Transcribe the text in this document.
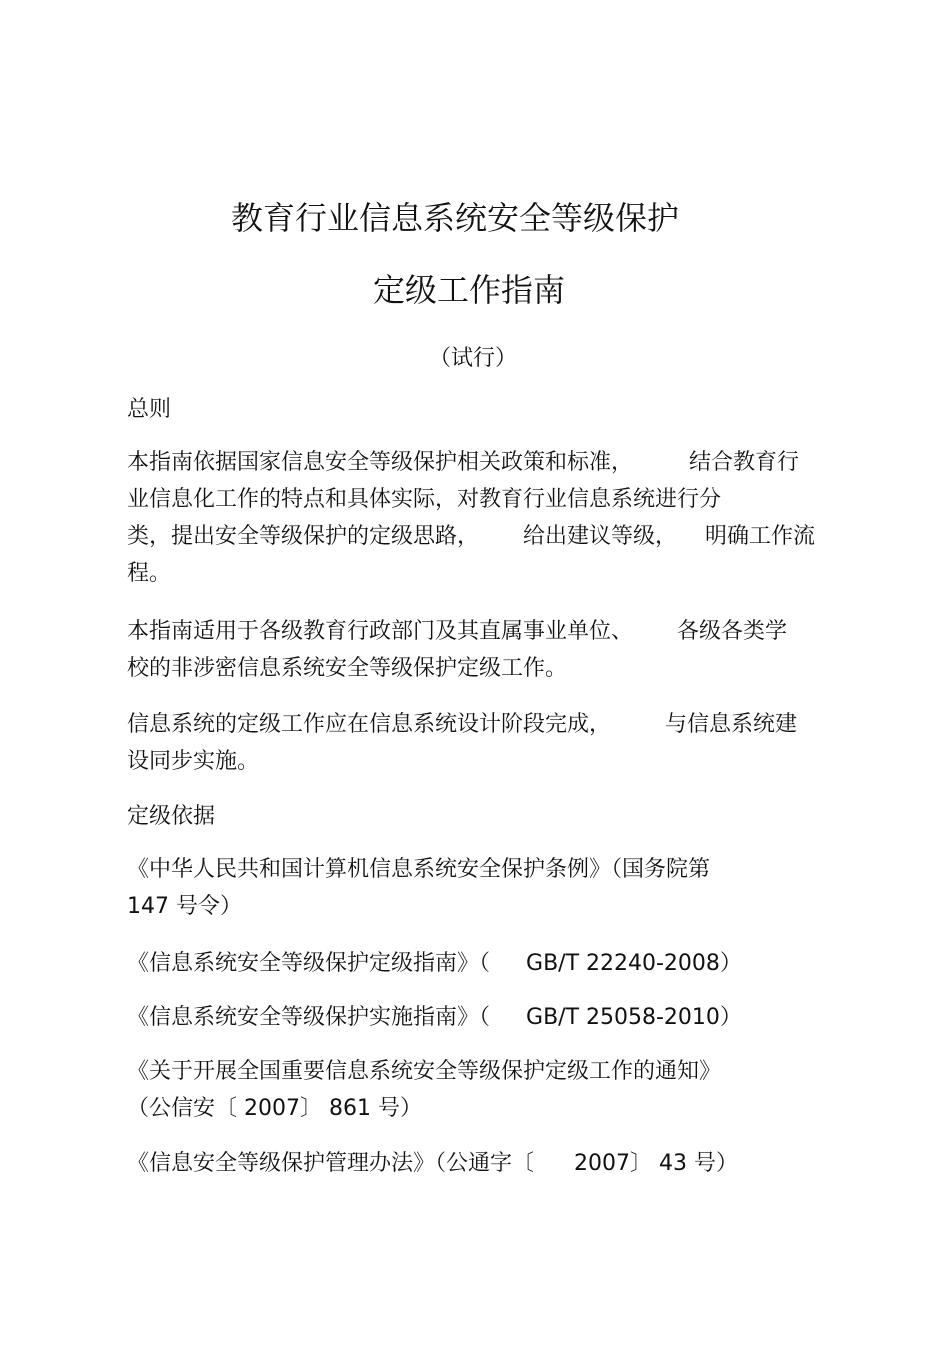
教育行业信息系统安全等级保护
定级工作指南
（试行）
总则
本指南依据国家信息安全等级保护相关政策和标准，	结合教育行
业信息化工作的特点和具体实际，对教育行业信息系统进行分
类，提出安全等级保护的定级思路， 给出建议等级， 明确工作流
程。
本指南适用于各级教育行政部门及其直属事业单位、 各级各类学
校的非涉密信息系统安全等级保护定级工作。
信息系统的定级工作应在信息系统设计阶段完成， 与信息系统建
设同步实施。
定级依据
《中华人民共和国计算机信息系统安全保护条例》（国务院第
147 号令）
《信息系统安全等级保护定级指南》（ GB/T 22240-2008）
《信息系统安全等级保护实施指南》（ GB/T 25058-2010）
《关于开展全国重要信息系统安全等级保护定级工作的通知》
（公信安〔 2007〕 861 号）
《信息安全等级保护管理办法》（公通字〔 2007〕 43 号）
